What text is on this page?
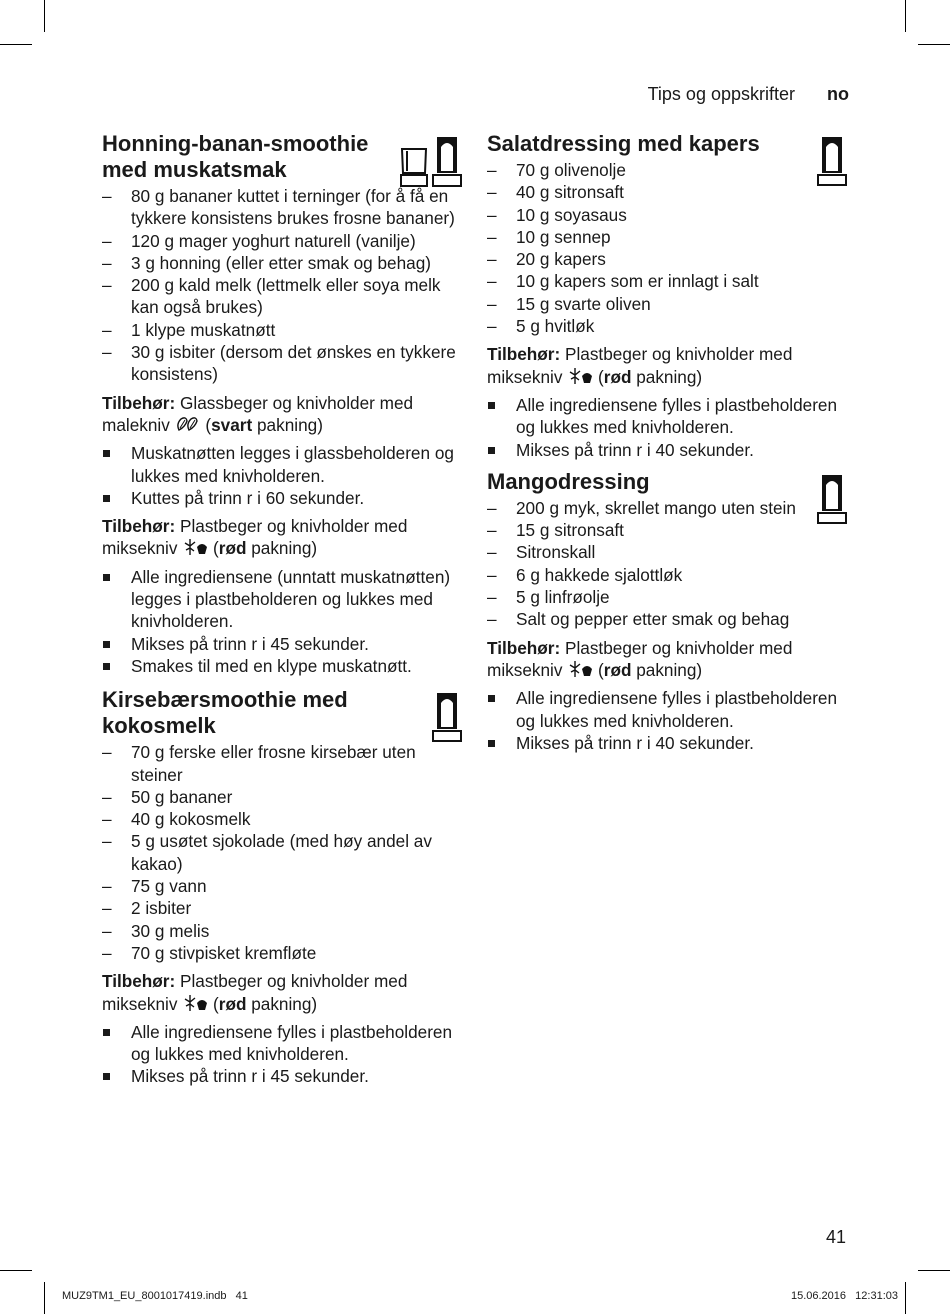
Tips og oppskrifter no
Honning-banan-smoothie med muskatsmak
– 80 g bananer kuttet i terninger (for å få en tykkere konsistens brukes frosne bananer)
– 120 g mager yoghurt naturell (vanilje)
– 3 g honning (eller etter smak og behag)
– 200 g kald melk (lettmelk eller soya melk kan også brukes)
– 1 klype muskatnøtt
– 30 g isbiter (dersom det ønskes en tykkere konsistens)
Tilbehør: Glassbeger og knivholder med malekniv (svart pakning)
Muskatnøtten legges i glassbeholderen og lukkes med knivholderen.
Kuttes på trinn r i 60 sekunder.
Tilbehør: Plastbeger og knivholder med miksekniv (rød pakning)
Alle ingrediensene (unntatt muskatnøtten) legges i plastbeholderen og lukkes med knivholderen.
Mikses på trinn r i 45 sekunder.
Smakes til med en klype muskatnøtt.
Kirsebærsmoothie med kokosmelk
– 70 g ferske eller frosne kirsebær uten steiner
– 50 g bananer
– 40 g kokosmelk
– 5 g usøtet sjokolade (med høy andel av kakao)
– 75 g vann
– 2 isbiter
– 30 g melis
– 70 g stivpisket kremfløte
Tilbehør: Plastbeger og knivholder med miksekniv (rød pakning)
Alle ingrediensene fylles i plastbeholderen og lukkes med knivholderen.
Mikses på trinn r i 45 sekunder.
Salatdressing med kapers
– 70 g olivenolje
– 40 g sitronsaft
– 10 g soyasaus
– 10 g sennep
– 20 g kapers
– 10 g kapers som er innlagt i salt
– 15 g svarte oliven
– 5 g hvitløk
Tilbehør: Plastbeger og knivholder med miksekniv (rød pakning)
Alle ingrediensene fylles i plastbeholderen og lukkes med knivholderen.
Mikses på trinn r i 40 sekunder.
Mangodressing
– 200 g myk, skrellet mango uten stein
– 15 g sitronsaft
– Sitronskall
– 6 g hakkede sjalottløk
– 5 g linfrøolje
– Salt og pepper etter smak og behag
Tilbehør: Plastbeger og knivholder med miksekniv (rød pakning)
Alle ingrediensene fylles i plastbeholderen og lukkes med knivholderen.
Mikses på trinn r i 40 sekunder.
41
MUZ9TM1_EU_8001017419.indb   41	15.06.2016   12:31:03
